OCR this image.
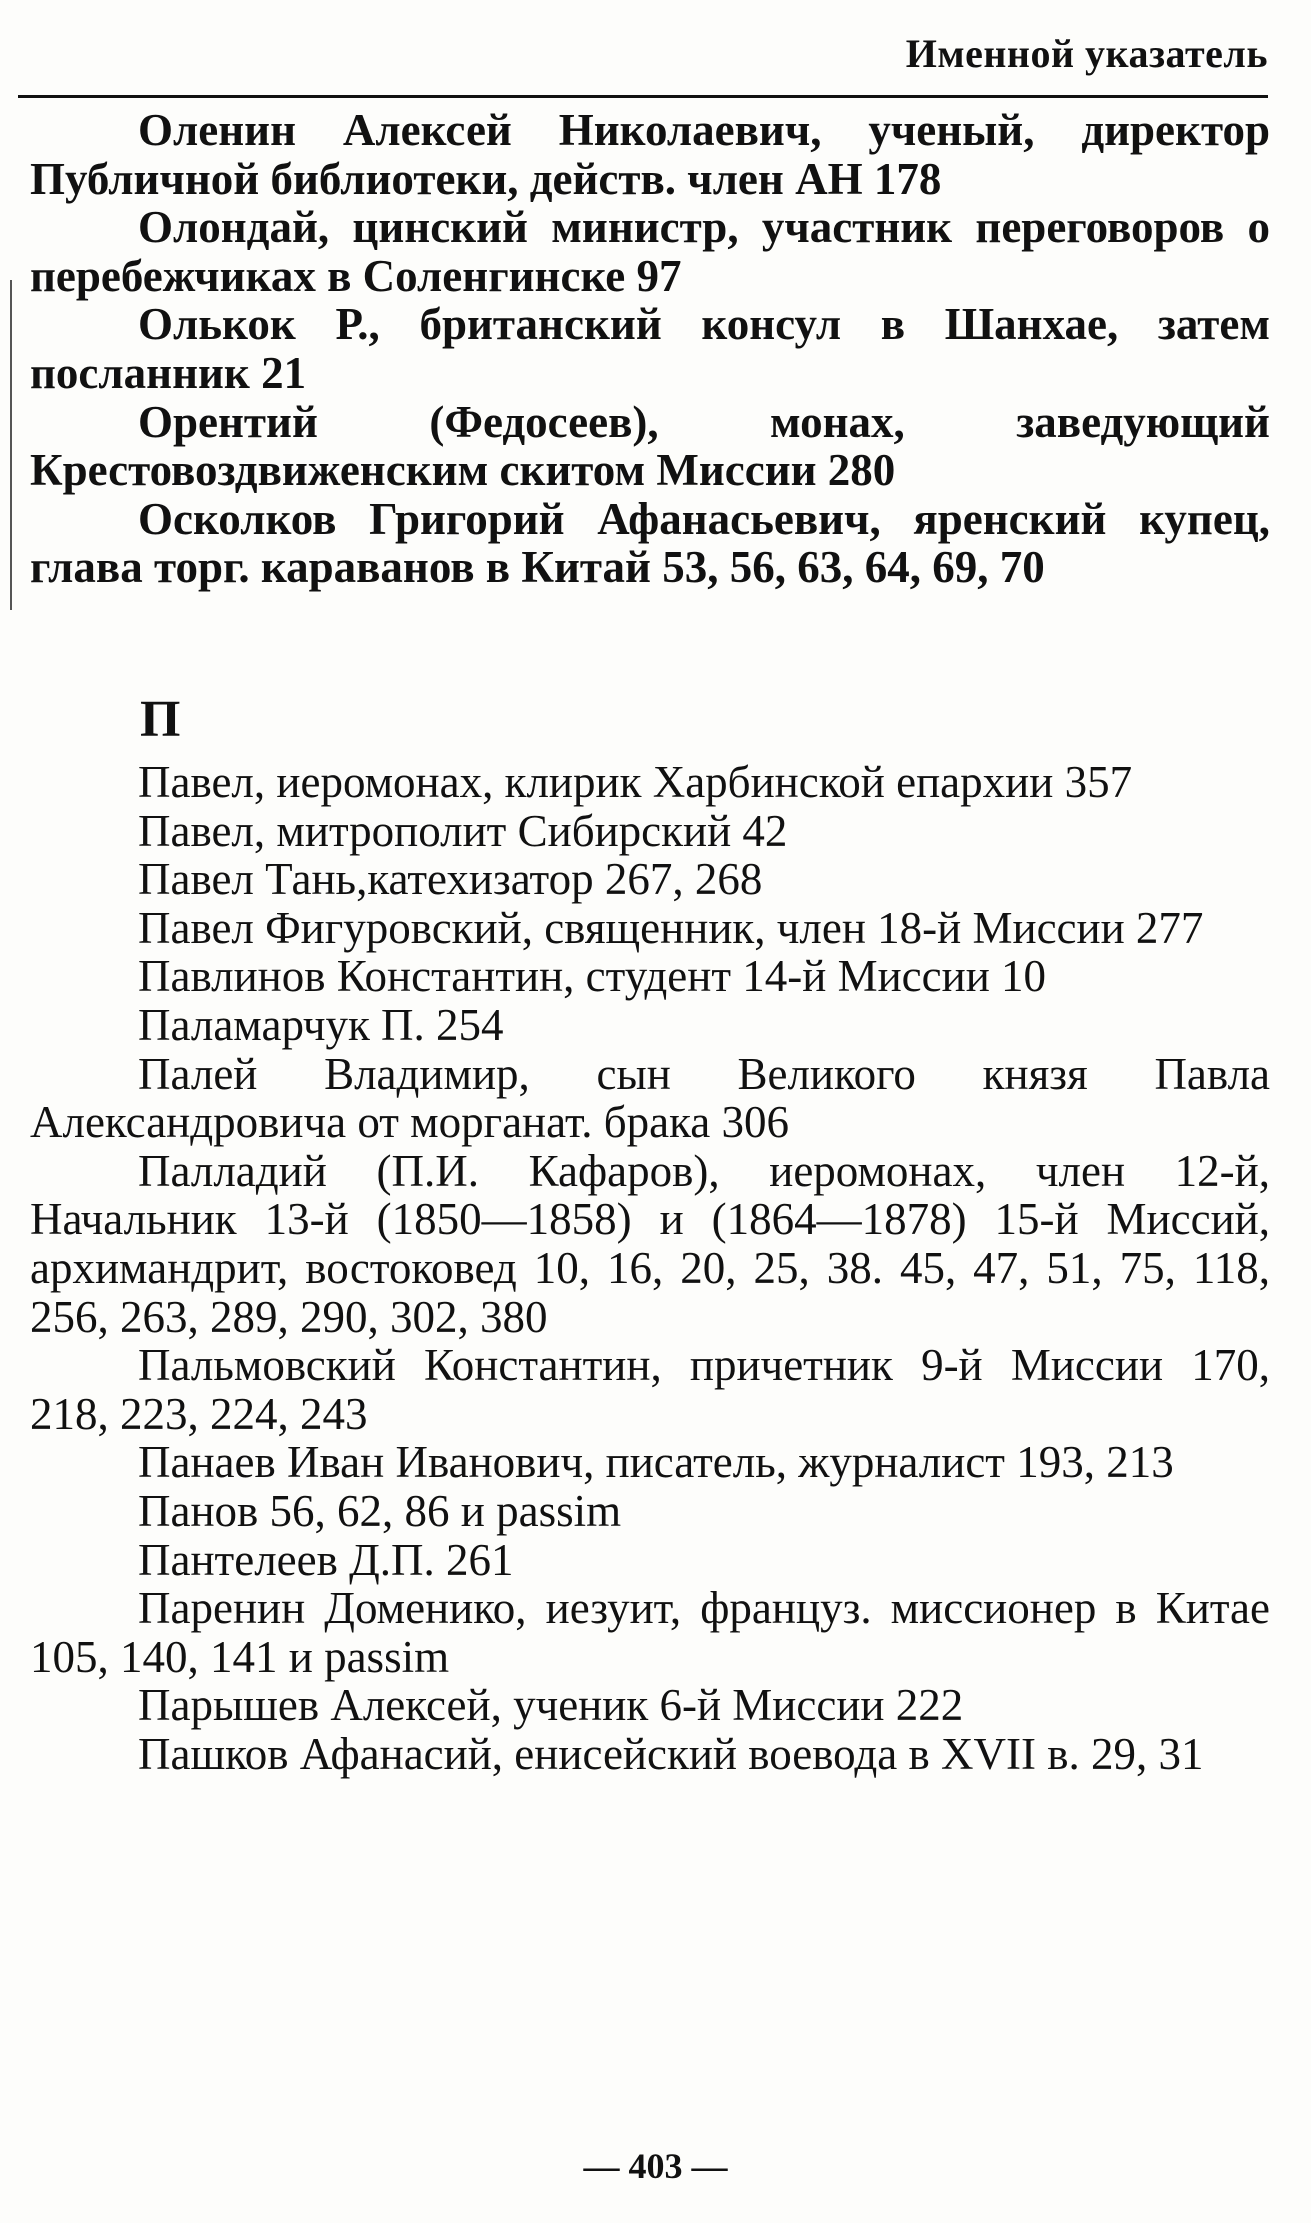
Именной указатель

Оленин Алексей Николаевич, ученый, директор Публичной библиотеки, действ. член АН 178

Олондай, цинский министр, участник переговоров о перебежчиках в Соленгинске 97

Олькок Р., британский консул в Шанхае, затем посланник 21

Орентий (Федосеев), монах, заведующий Крестовоздвиженским скитом Миссии 280

Осколков Григорий Афанасьевич, яренский купец, глава торг. караванов в Китай 53, 56, 63, 64, 69, 70

П

Павел, иеромонах, клирик Харбинской епархии 357

Павел, митрополит Сибирский 42

Павел Тань,катехизатор 267, 268

Павел Фигуровский, священник, член 18-й Миссии 277

Павлинов Константин, студент 14-й Миссии 10

Паламарчук П. 254

Палей Владимир, сын Великого князя Павла Александровича от морганат. брака 306

Палладий (П.И. Кафаров), иеромонах, член 12-й, Начальник 13-й (1850—1858) и (1864—1878) 15-й Миссий, архимандрит, востоковед 10, 16, 20, 25, 38. 45, 47, 51, 75, 118, 256, 263, 289, 290, 302, 380

Пальмовский Константин, причетник 9-й Миссии 170, 218, 223, 224, 243

Панаев Иван Иванович, писатель, журналист 193, 213

Панов 56, 62, 86 и passim

Пантелеев Д.П. 261

Паренин Доменико, иезуит, француз. миссионер в Китае 105, 140, 141 и passim

Парышев Алексей, ученик 6-й Миссии 222

Пашков Афанасий, енисейский воевода в XVII в. 29, 31

— 403 —
